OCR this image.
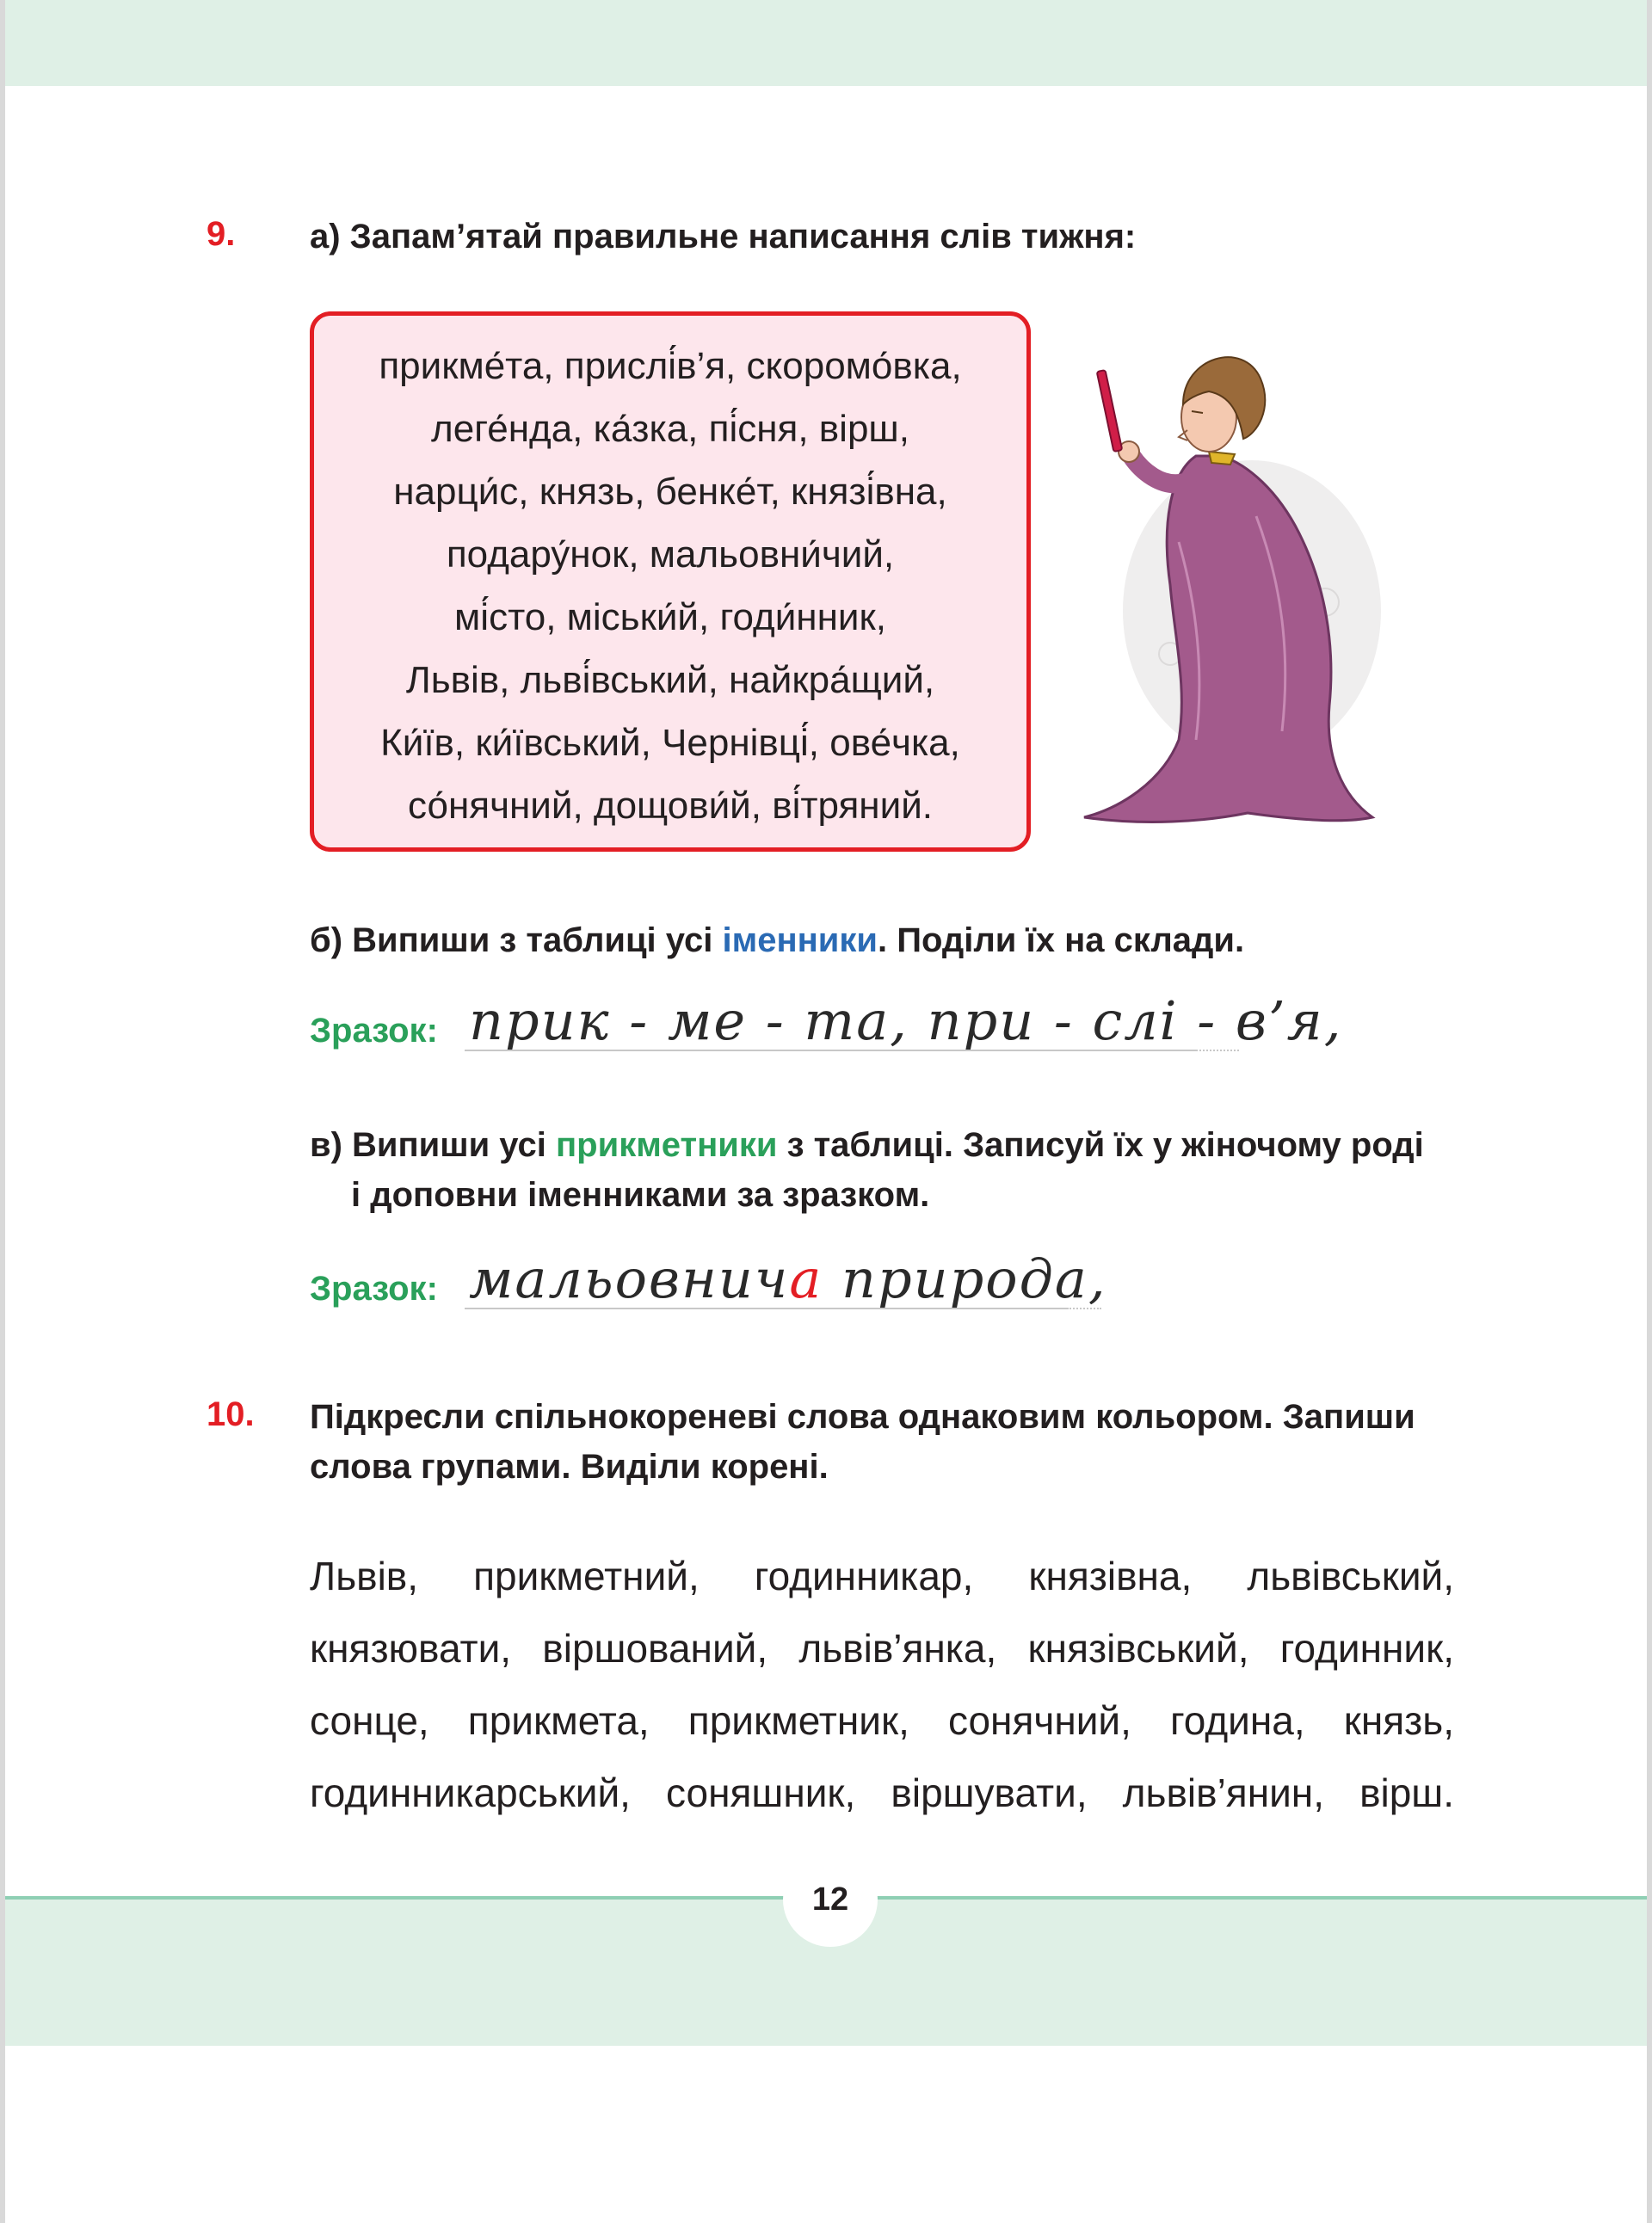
9. а) Запам’ятай правильне написання слів тижня:
прикме́та, прислі́в’я, скоромо́вка,
леге́нда, ка́зка, пі́сня, вірш,
нарци́с, князь, бенке́т, князі́вна,
подару́нок, мальовни́чий,
мі́сто, міськи́й, годи́нник,
Львів, льві́вський, найкра́щий,
Ки́їв, ки́ївський, Чернівці́, ове́чка,
со́нячний, дощови́й, ві́тряний.
б) Випиши з таблиці усі іменники. Поділи їх на склади.
Зразок: прик - ме - та, при - слі - в’я,
в) Випиши усі прикметники з таблиці. Записуй їх у жіночому роді
і доповни іменниками за зразком.
Зразок: мальовнича природа,
10. Підкресли спільнокореневі слова однаковим кольором. Запиши
слова групами. Виділи корені.
Львів, прикметний, годинникар, князівна, львівський,
князювати, віршований, львів’янка, князівський, годинник,
сонце, прикмета, прикметник, сонячний, година, князь,
годинникарський, соняшник, віршувати, львів’янин, вірш.
12
